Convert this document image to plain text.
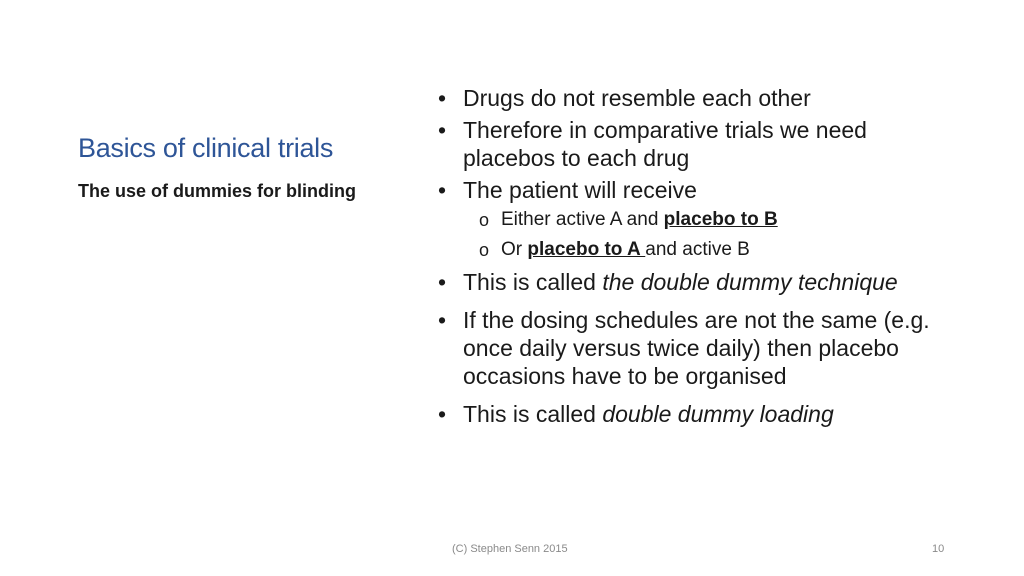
Basics of clinical trials
The use of dummies for blinding
• Drugs do not resemble each other
• Therefore in comparative trials we need placebos to each drug
• The patient will receive
o Either active A and placebo to B
o Or placebo to A and active B
• This is called the double dummy technique
• If the dosing schedules are not the same (e.g. once daily versus twice daily) then placebo occasions have to be organised
• This is called double dummy loading
(C) Stephen Senn 2015	10
